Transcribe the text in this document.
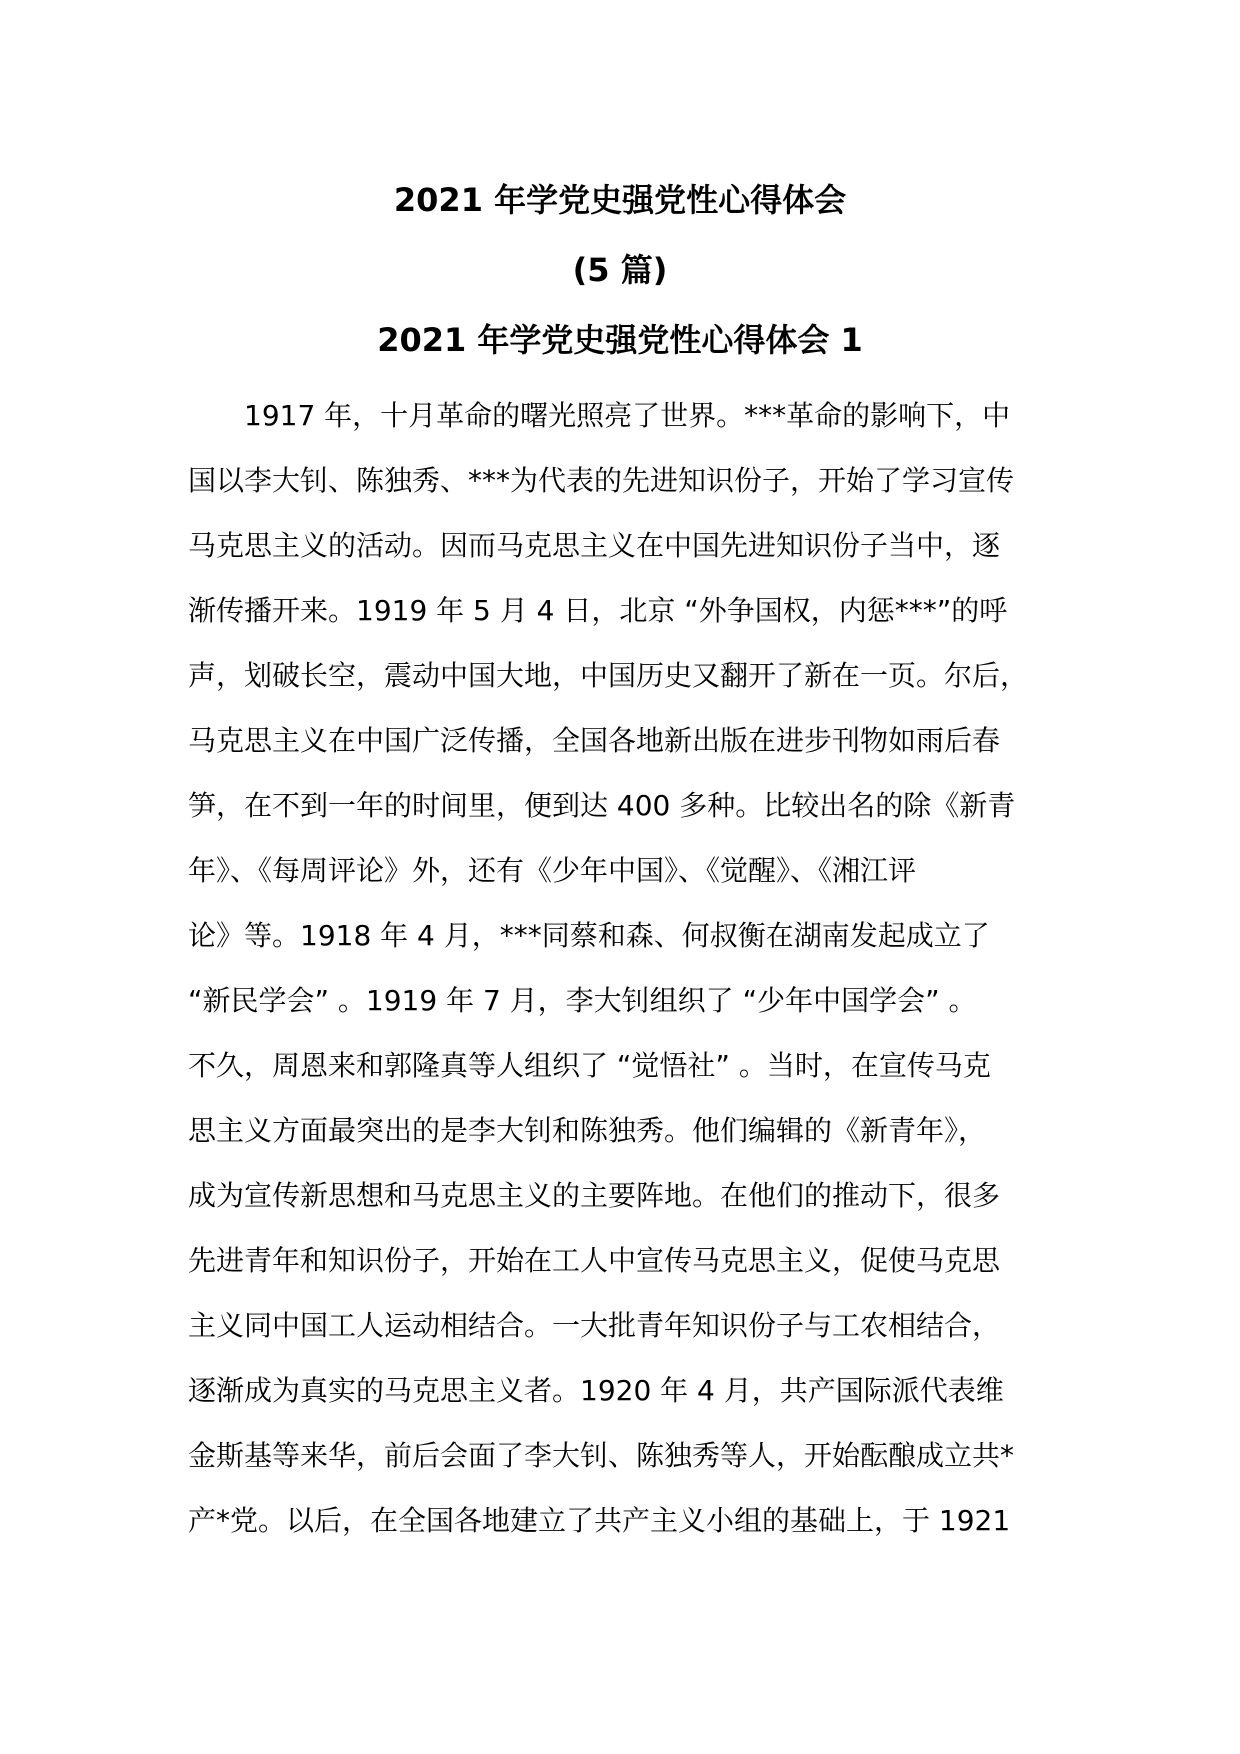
2021 年学党史强党性心得体会
(5 篇)
2021 年学党史强党性心得体会 1
1917 年，十月革命的曙光照亮了世界。***革命的影响下，中
国以李大钊、陈独秀、***为代表的先进知识份子，开始了学习宣传
马克思主义的活动。因而马克思主义在中国先进知识份子当中，逐
渐传播开来。1919 年 5 月 4 日，北京 “外争国权，内惩***”的呼
声，划破长空，震动中国大地，中国历史又翻开了新在一页。尔后，
马克思主义在中国广泛传播，全国各地新出版在进步刊物如雨后春
笋，在不到一年的时间里，便到达 400 多种。比较出名的除《新青
年》、《每周评论》外，还有《少年中国》、《觉醒》、《湘江评
论》等。1918 年 4 月，***同蔡和森、何叔衡在湖南发起成立了
“新民学会” 。1919 年 7 月，李大钊组织了 “少年中国学会” 。
不久，周恩来和郭隆真等人组织了 “觉悟社” 。当时，在宣传马克
思主义方面最突出的是李大钊和陈独秀。他们编辑的《新青年》，
成为宣传新思想和马克思主义的主要阵地。在他们的推动下，很多
先进青年和知识份子，开始在工人中宣传马克思主义，促使马克思
主义同中国工人运动相结合。一大批青年知识份子与工农相结合，
逐渐成为真实的马克思主义者。1920 年 4 月，共产国际派代表维
金斯基等来华，前后会面了李大钊、陈独秀等人，开始酝酿成立共*
产*党。以后，在全国各地建立了共产主义小组的基础上，于 1921
